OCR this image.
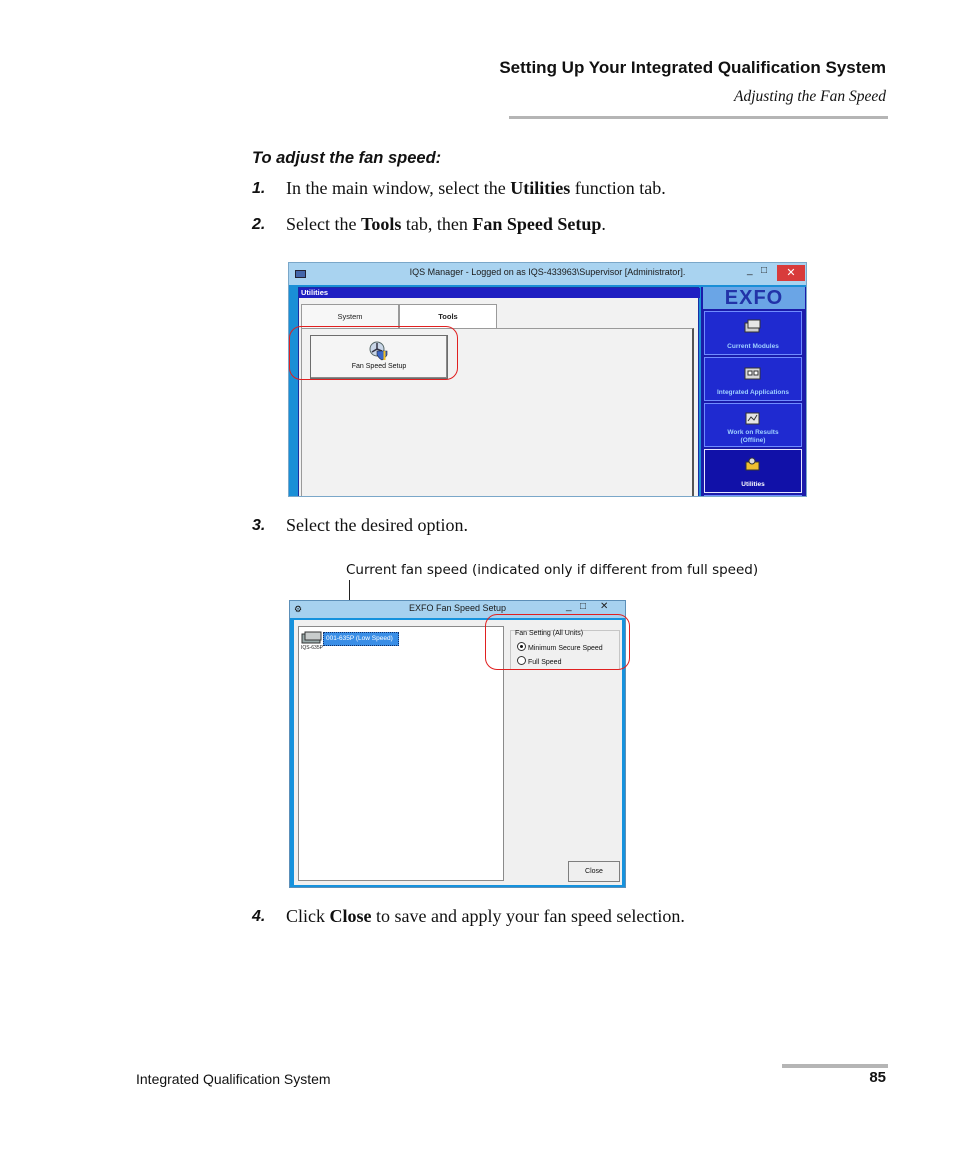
Setting Up Your Integrated Qualification System
Adjusting the Fan Speed
To adjust the fan speed:
1. In the main window, select the Utilities function tab.
2. Select the Tools tab, then Fan Speed Setup.
IQS Manager - Logged on as IQS-433963\Supervisor [Administrator].	_ □	✕
Utilities
System	Tools
Fan Speed Setup
EXFO
Current Modules
Integrated Applications
Work on Results
(Offline)
Utilities
3. Select the desired option.
Current fan speed (indicated only if different from full speed)
⚙	EXFO Fan Speed Setup	_ □ ✕
001-635P (Low Speed)
IQS-635P
Fan Setting (All Units)
Minimum Secure Speed
Full Speed
Close
4. Click Close to save and apply your fan speed selection.
Integrated Qualification System	85
